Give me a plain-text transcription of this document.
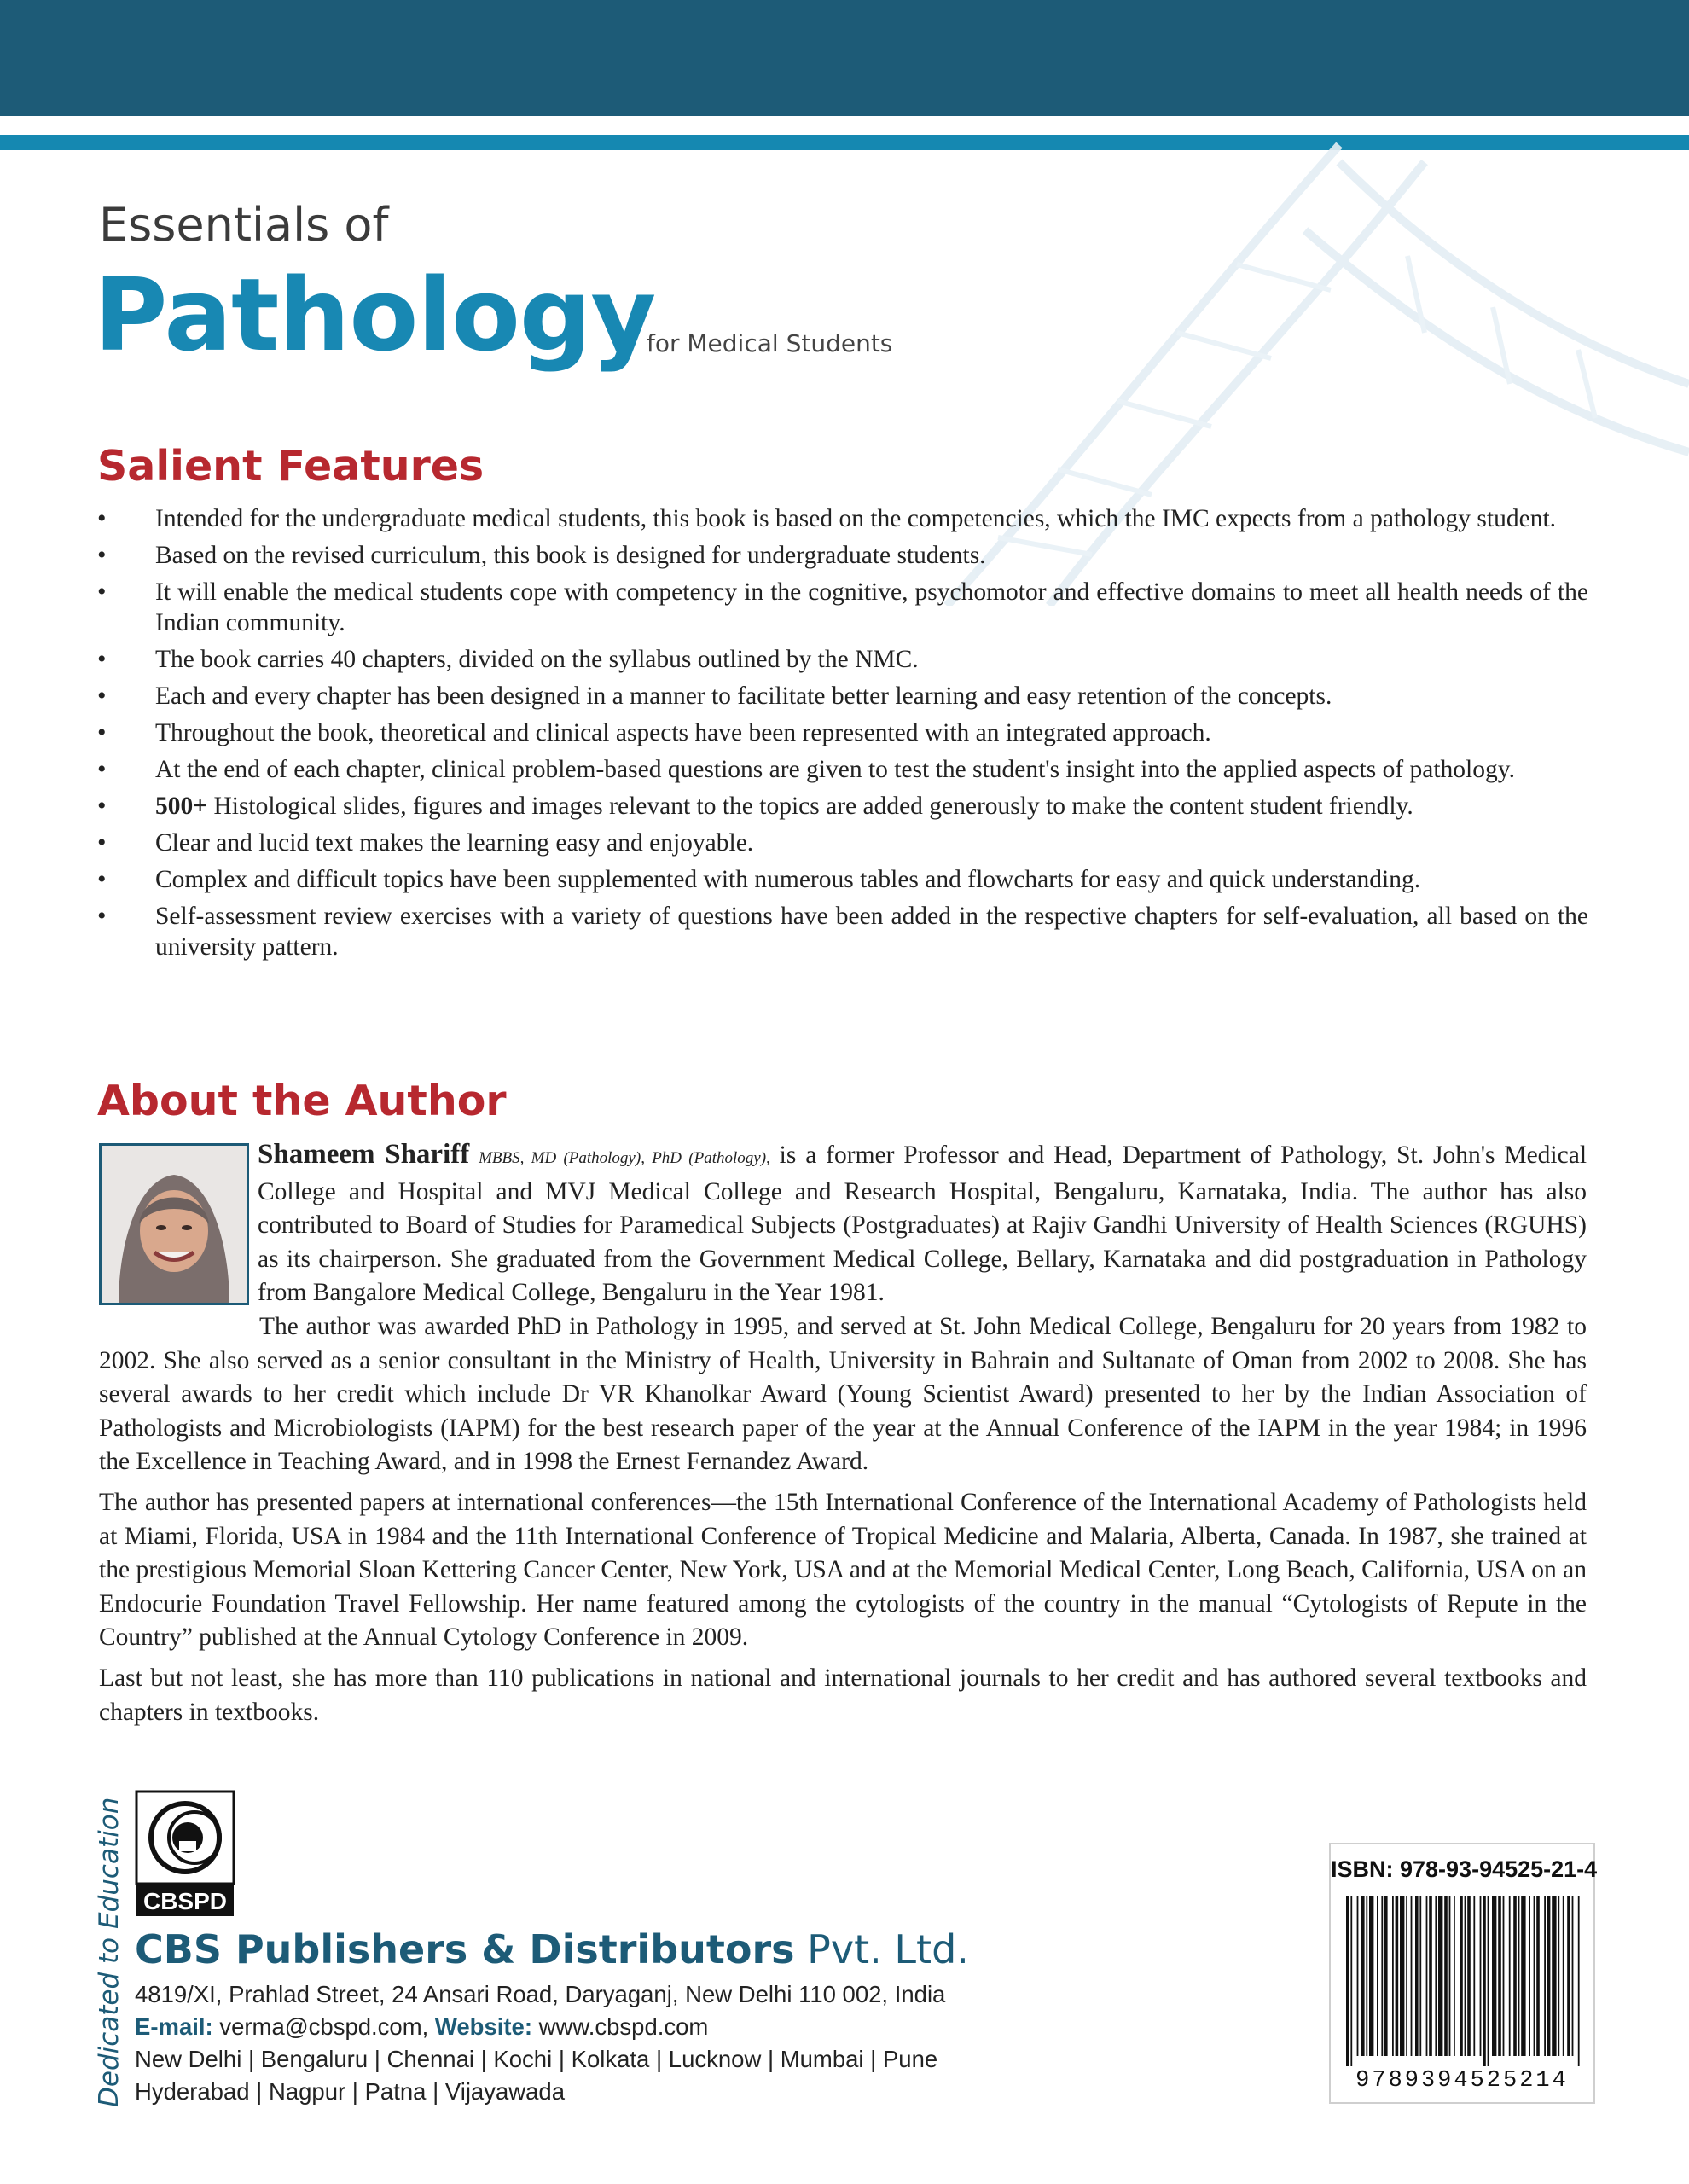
Essentials of
Pathology
for Medical Students
Salient Features
• Intended for the undergraduate medical students, this book is based on the competencies, which the IMC expects from a pathology student.
• Based on the revised curriculum, this book is designed for undergraduate students.
• It will enable the medical students cope with competency in the cognitive, psychomotor and effective domains to meet all health needs of the Indian community.
• The book carries 40 chapters, divided on the syllabus outlined by the NMC.
• Each and every chapter has been designed in a manner to facilitate better learning and easy retention of the concepts.
• Throughout the book, theoretical and clinical aspects have been represented with an integrated approach.
• At the end of each chapter, clinical problem-based questions are given to test the student's insight into the applied aspects of pathology.
• 500+ Histological slides, figures and images relevant to the topics are added generously to make the content student friendly.
• Clear and lucid text makes the learning easy and enjoyable.
• Complex and difficult topics have been supplemented with numerous tables and flowcharts for easy and quick understanding.
• Self-assessment review exercises with a variety of questions have been added in the respective chapters for self-evaluation, all based on the university pattern.
About the Author

Shameem Shariff MBBS, MD (Pathology), PhD (Pathology), is a former Professor and Head, Department of Pathology, St. John's Medical College and Hospital and MVJ Medical College and Research Hospital, Bengaluru, Karnataka, India. The author has also contributed to Board of Studies for Paramedical Subjects (Postgraduates) at Rajiv Gandhi University of Health Sciences (RGUHS) as its chairperson. She graduated from the Government Medical College, Bellary, Karnataka and did postgraduation in Pathology from Bangalore Medical College, Bengaluru in the Year 1981.

The author was awarded PhD in Pathology in 1995, and served at St. John Medical College, Bengaluru for 20 years from 1982 to 2002. She also served as a senior consultant in the Ministry of Health, University in Bahrain and Sultanate of Oman from 2002 to 2008. She has several awards to her credit which include Dr VR Khanolkar Award (Young Scientist Award) presented to her by the Indian Association of Pathologists and Microbiologists (IAPM) for the best research paper of the year at the Annual Conference of the IAPM in the year 1984; in 1996 the Excellence in Teaching Award, and in 1998 the Ernest Fernandez Award.

The author has presented papers at international conferences—the 15th International Conference of the International Academy of Pathologists held at Miami, Florida, USA in 1984 and the 11th International Conference of Tropical Medicine and Malaria, Alberta, Canada. In 1987, she trained at the prestigious Memorial Sloan Kettering Cancer Center, New York, USA and at the Memorial Medical Center, Long Beach, California, USA on an Endocurie Foundation Travel Fellowship. Her name featured among the cytologists of the country in the manual “Cytologists of Repute in the Country” published at the Annual Cytology Conference in 2009.

Last but not least, she has more than 110 publications in national and international journals to her credit and has authored several textbooks and chapters in textbooks.

Dedicated to Education CBSPD
CBS Publishers & Distributors Pvt. Ltd.
4819/XI, Prahlad Street, 24 Ansari Road, Daryaganj, New Delhi 110 002, India
E-mail: verma@cbspd.com, Website: www.cbspd.com
New Delhi | Bengaluru | Chennai | Kochi | Kolkata | Lucknow | Mumbai | Pune
Hyderabad | Nagpur | Patna | Vijayawada
ISBN: 978-93-94525-21-4
9789394525214
